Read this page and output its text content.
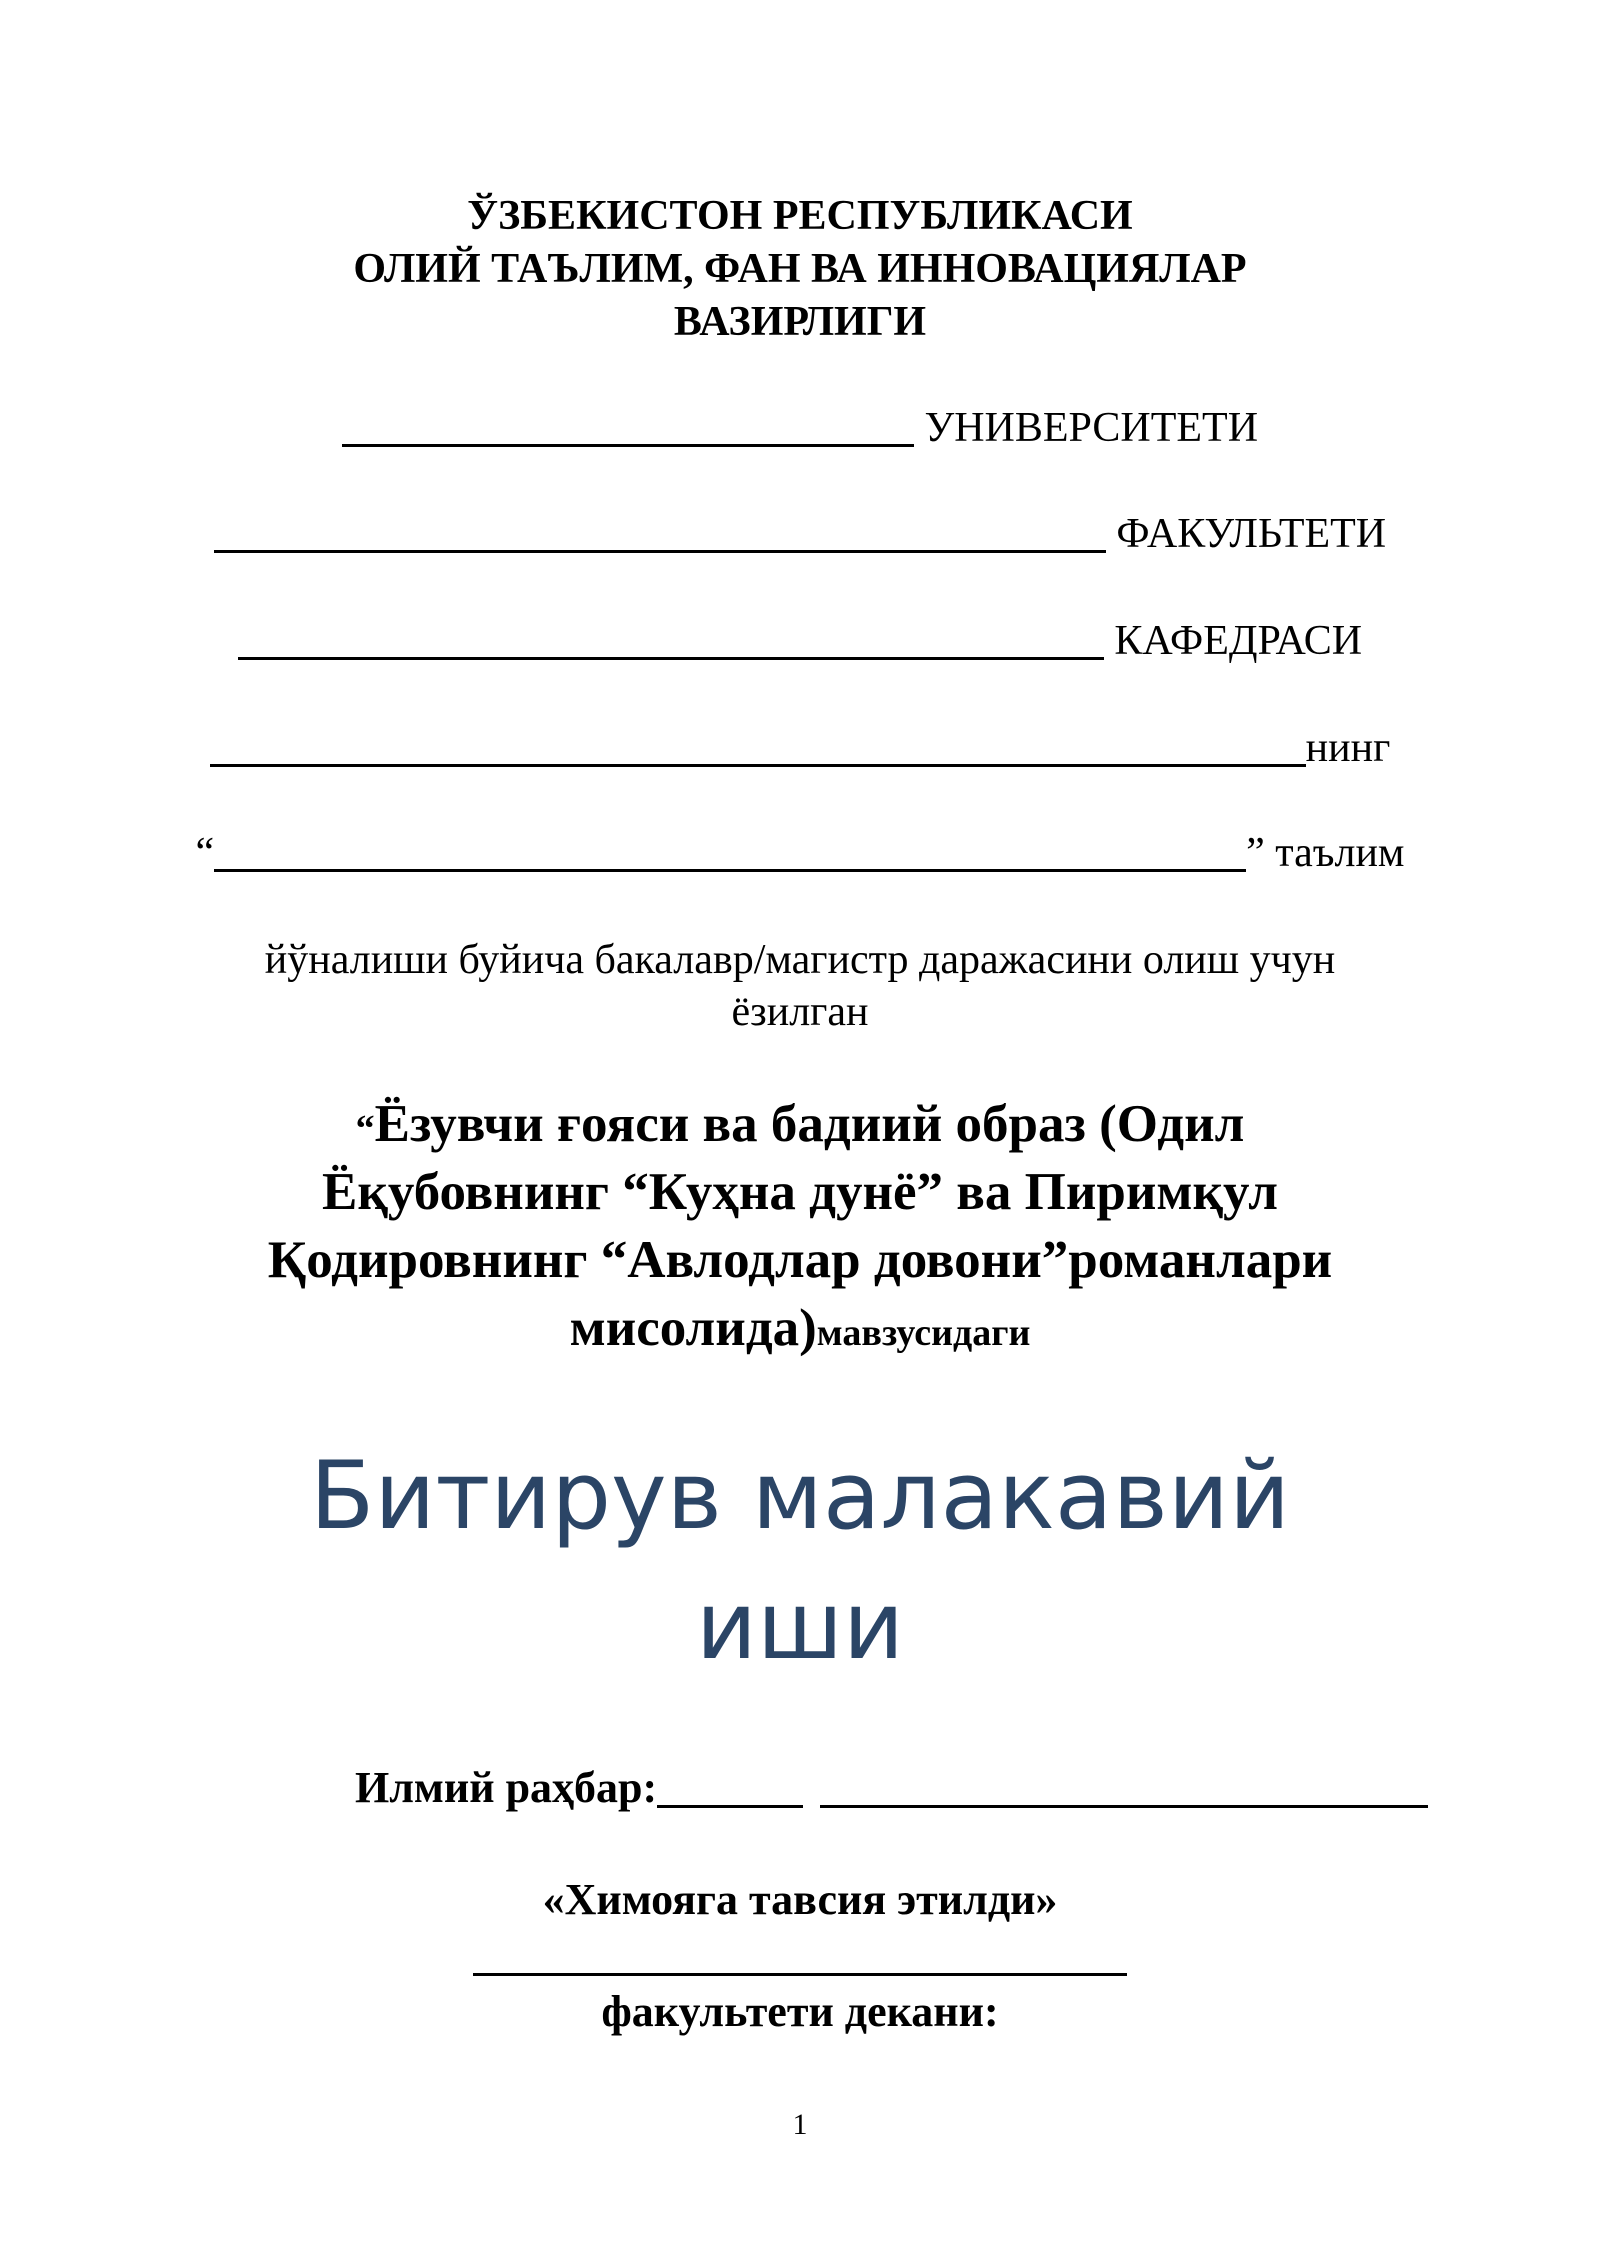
ЎЗБЕКИСТОН РЕСПУБЛИКАСИ

ОЛИЙ ТАЪЛИМ, ФАН ВА ИННОВАЦИЯЛАР

ВАЗИРЛИГИ

УНИВЕРСИТЕТИ
ФАКУЛЬТЕТИ
КАФЕДРАСИ
нинг
“	” таълим

йўналиши буйича бакалавр/магистр даражасини олиш учун

ёзилган

“Ёзувчи ғояси ва бадиий образ (Одил

Ёқубовнинг “Куҳна дунё” ва Пиримқул

Қодировнинг “Авлодлар довони”романлари

мисолида)мавзусидаги

Битирув малакавий

иши

Илмий раҳбар:

«Химояга тавсия этилди»

факультети декани:

1
